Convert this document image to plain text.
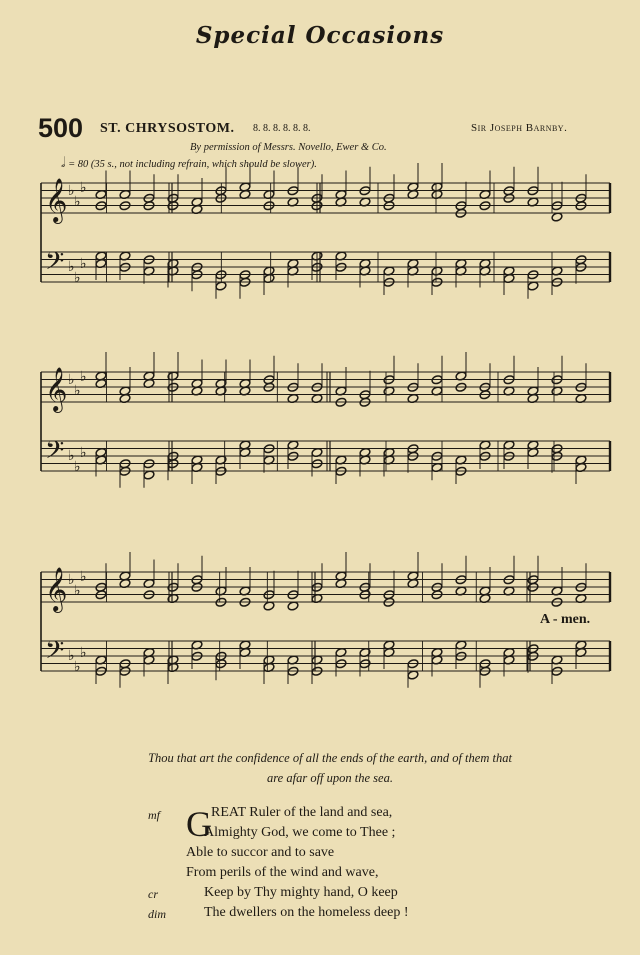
Special Occasions
500 ST. CHRYSOSTOM. 8. 8. 8. 8. 8. 8.	Sir Joseph Barnby.
By permission of Messrs. Novello, Ewer & Co.
𝅗𝅥 = 80 (35 s., not including refrain, which should be slower).
𝄞
𝄢
♭
♭
♭
♭
♭
♭
𝄞
𝄢
♭
♭
♭
♭
♭
♭
𝄞
𝄢
♭
♭
♭
♭
♭
♭
A - men.
Thou that art the confidence of all the ends of the earth, and of them that
are afar off upon the sea.
G
mf	REAT Ruler of the land and sea,
Almighty God, we come to Thee ;
Able to succor and to save
From perils of the wind and wave,
cr	Keep by Thy mighty hand, O keep
dim	The dwellers on the homeless deep !
